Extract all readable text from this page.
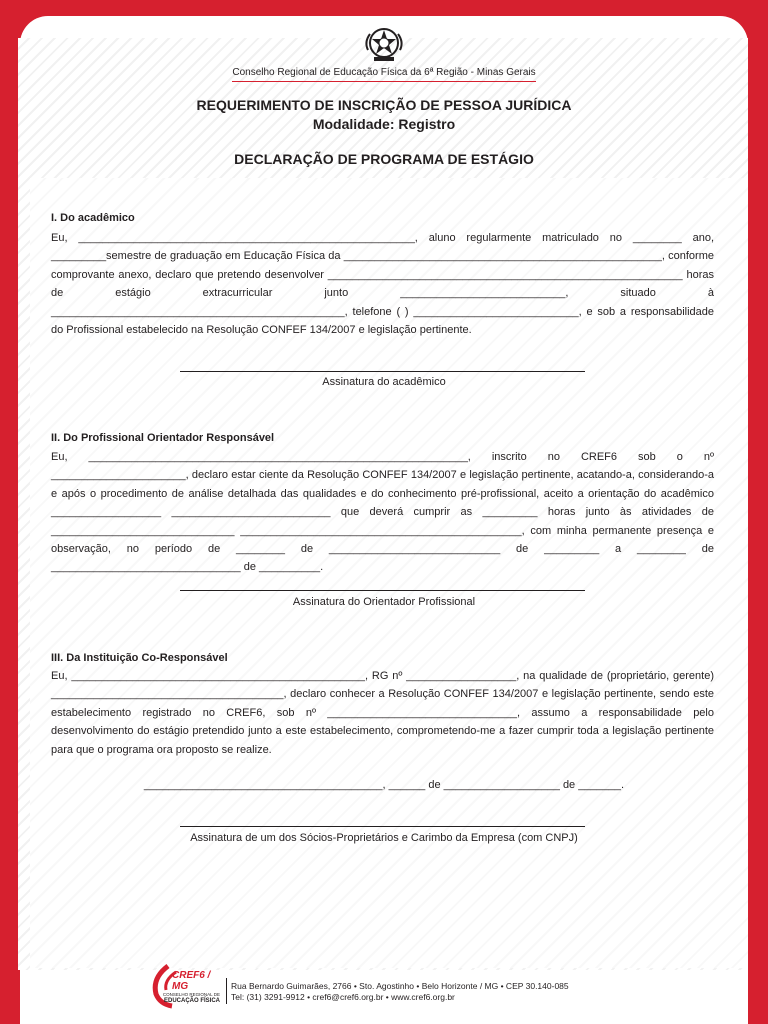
Conselho Regional de Educação Física da 6ª Região - Minas Gerais
REQUERIMENTO DE INSCRIÇÃO DE PESSOA JURÍDICA
Modalidade: Registro
DECLARAÇÃO DE PROGRAMA DE ESTÁGIO
I. Do acadêmico
Eu, _______________________________________________________, aluno regularmente matriculado no ________ ano, _________semestre de graduação em Educação Física da ____________________________________________________, conforme comprovante anexo, declaro que pretendo desenvolver __________________________________________________________ horas de estágio extracurricular junto ___________________________, situado à ________________________________________________, telefone ( ) ___________________________, e sob a responsabilidade do Profissional estabelecido na Resolução CONFEF 134/2007 e legislação pertinente.
Assinatura do acadêmico
II. Do Profissional Orientador Responsável
Eu, ______________________________________________________________, inscrito no CREF6 sob o nº ______________________, declaro estar ciente da Resolução CONFEF 134/2007 e legislação pertinente, acatando-a, considerando-a e após o procedimento de análise detalhada das qualidades e do conhecimento pré-profissional, aceito a orientação do acadêmico __________________ __________________________ que deverá cumprir as _________ horas junto às atividades de ______________________________ ______________________________________________, com minha permanente presença e observação, no período de ________ de ____________________________ de _________ a ________ de _______________________________ de __________.
Assinatura do Orientador Profissional
III. Da Instituição Co-Responsável
Eu, ________________________________________________, RG nº __________________, na qualidade de (proprietário, gerente) ______________________________________, declaro conhecer a Resolução CONFEF 134/2007 e legislação pertinente, sendo este estabelecimento registrado no CREF6, sob nº _______________________________, assumo a responsabilidade pelo desenvolvimento do estágio pretendido junto a este estabelecimento, comprometendo-me a fazer cumprir toda a legislação pertinente para que o programa ora proposto se realize.
_______________________________________, ______ de ___________________ de _______.
Assinatura de um dos Sócios-Proprietários e Carimbo da Empresa (com CNPJ)
CREF6 / MG
CONSELHO REGIONAL DE
EDUCAÇÃO FÍSICA
Rua Bernardo Guimarães, 2766 • Sto. Agostinho • Belo Horizonte / MG • CEP 30.140-085
Tel: (31) 3291-9912 • cref6@cref6.org.br • www.cref6.org.br
